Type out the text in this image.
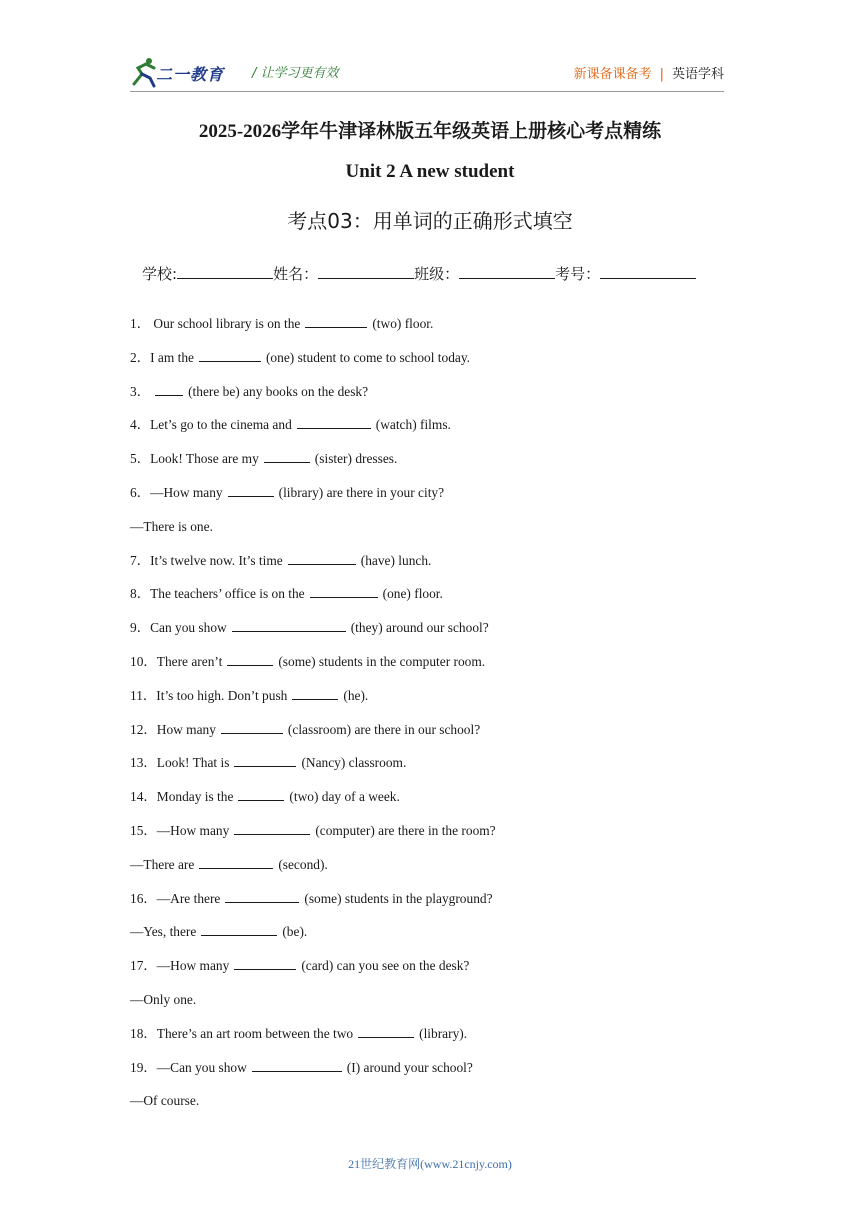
二一教育 / 让学习更有效	新课备课备考 | 英语学科
2025-2026学年牛津译林版五年级英语上册核心考点精练
Unit 2 A new student
考点03：用单词的正确形式填空
学校:	姓名：	班级：	考号：
1． Our school library is on the	(two) floor.
2．I am the	(one) student to come to school today.
3．	(there be) any books on the desk?
4．Let’s go to the cinema and	(watch) films.
5．Look! Those are my	(sister) dresses.
6．—How many	(library) are there in your city?
—There is one.
7．It’s twelve now. It’s time	(have) lunch.
8．The teachers’ office is on the	(one) floor.
9．Can you show	(they) around our school?
10．There aren’t	(some) students in the computer room.
11．It’s too high. Don’t push	(he).
12．How many	(classroom) are there in our school?
13．Look! That is	(Nancy) classroom.
14．Monday is the	(two) day of a week.
15．—How many	(computer) are there in the room?
—There are	(second).
16．—Are there	(some) students in the playground?
—Yes, there	(be).
17．—How many	(card) can you see on the desk?
—Only one.
18．There’s an art room between the two	(library).
19．—Can you show	(I) around your school?
—Of course.
21世纪教育网(www.21cnjy.com)
